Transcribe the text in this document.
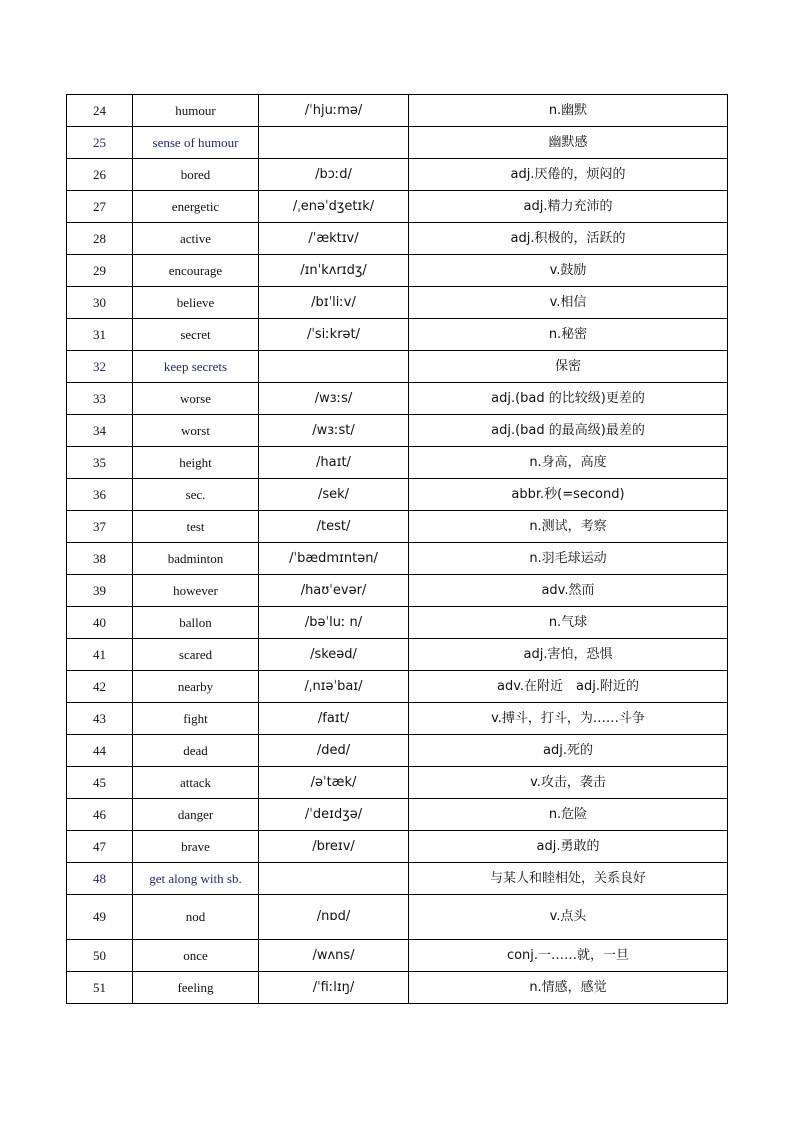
24	humour	/ˈhjuːmə/	n.幽默
25	sense of humour		幽默感
26	bored	/bɔːd/	adj.厌倦的，烦闷的
27	energetic	/ˌenəˈdʒetɪk/	adj.精力充沛的
28	active	/ˈæktɪv/	adj.积极的，活跃的
29	encourage	/ɪnˈkʌrɪdʒ/	v.鼓励
30	believe	/bɪˈliːv/	v.相信
31	secret	/ˈsiːkrət/	n.秘密
32	keep secrets		保密
33	worse	/wɜːs/	adj.(bad 的比较级)更差的
34	worst	/wɜːst/	adj.(bad 的最高级)最差的
35	height	/haɪt/	n.身高，高度
36	sec.	/sek/	abbr.秒(=second)
37	test	/test/	n.测试，考察
38	badminton	/ˈbædmɪntən/	n.羽毛球运动
39	however	/haʊˈevər/	adv.然而
40	ballon	/bəˈluː n/	n.气球
41	scared	/skeəd/	adj.害怕，恐惧
42	nearby	/ˌnɪəˈbaɪ/	adv.在附近　adj.附近的
43	fight	/faɪt/	v.搏斗，打斗，为……斗争
44	dead	/ded/	adj.死的
45	attack	/əˈtæk/	v.攻击，袭击
46	danger	/ˈdeɪdʒə/	n.危险
47	brave	/breɪv/	adj.勇敢的
48	get along with sb.		与某人和睦相处，关系良好
49	nod	/nɒd/	v.点头
50	once	/wʌns/	conj.一……就，一旦
51	feeling	/ˈfiːlɪŋ/	n.情感，感觉
